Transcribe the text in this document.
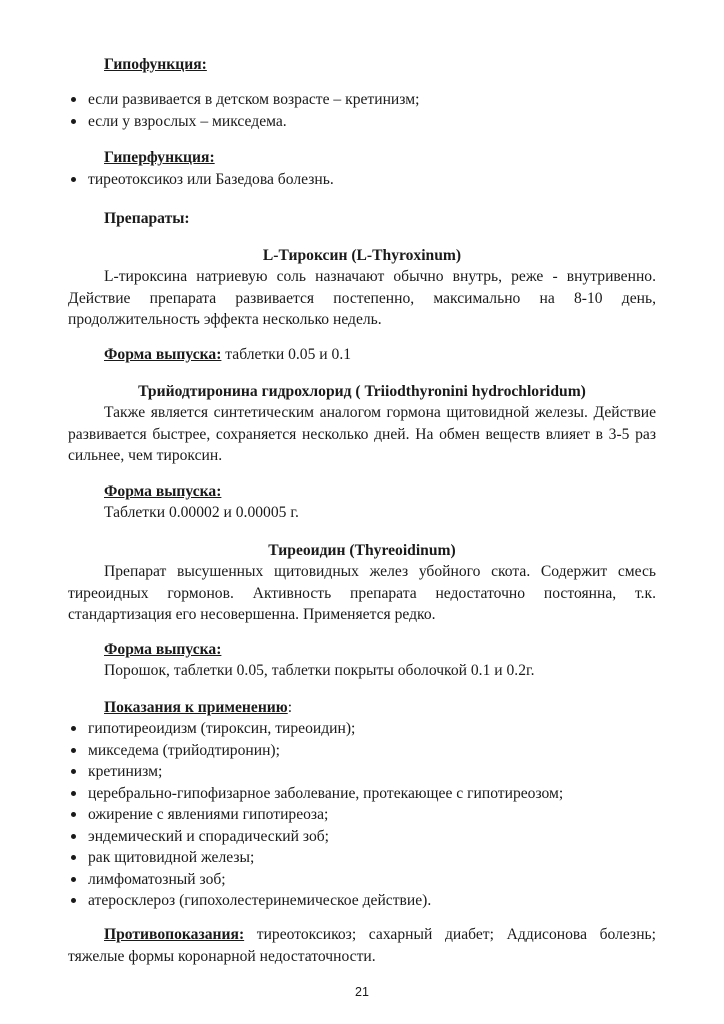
Гипофункция:
если развивается в детском возрасте – кретинизм;
если у взрослых – микседема.
Гиперфункция:
тиреотоксикоз или Базедова болезнь.
Препараты:
L-Тироксин (L-Thyroxinum)
L-тироксина натриевую соль назначают обычно внутрь, реже - внутривенно. Действие препарата развивается постепенно, максимально на 8-10 день, продолжительность эффекта несколько недель.
Форма выпуска: таблетки 0.05 и 0.1
Трийодтиронина гидрохлорид ( Triiodthyronini hydrochloridum)
Также является синтетическим аналогом гормона щитовидной железы. Действие развивается быстрее, сохраняется несколько дней. На обмен веществ влияет в 3-5 раз сильнее, чем тироксин.
Форма выпуска:
Таблетки 0.00002 и 0.00005 г.
Тиреоидин (Thyreoidinum)
Препарат высушенных щитовидных желез убойного скота. Содержит смесь тиреоидных гормонов. Активность препарата недостаточно постоянна, т.к. стандартизация его несовершенна. Применяется редко.
Форма выпуска:
Порошок, таблетки 0.05, таблетки покрыты оболочкой 0.1 и 0.2г.
Показания к применению:
гипотиреоидизм (тироксин, тиреоидин);
микседема (трийодтиронин);
кретинизм;
церебрально-гипофизарное заболевание, протекающее с гипотиреозом;
ожирение с явлениями гипотиреоза;
эндемический и спорадический зоб;
рак щитовидной железы;
лимфоматозный зоб;
атеросклероз (гипохолестеринемическое действие).
Противопоказания: тиреотоксикоз; сахарный диабет; Аддисонова болезнь; тяжелые формы коронарной недостаточности.
21
